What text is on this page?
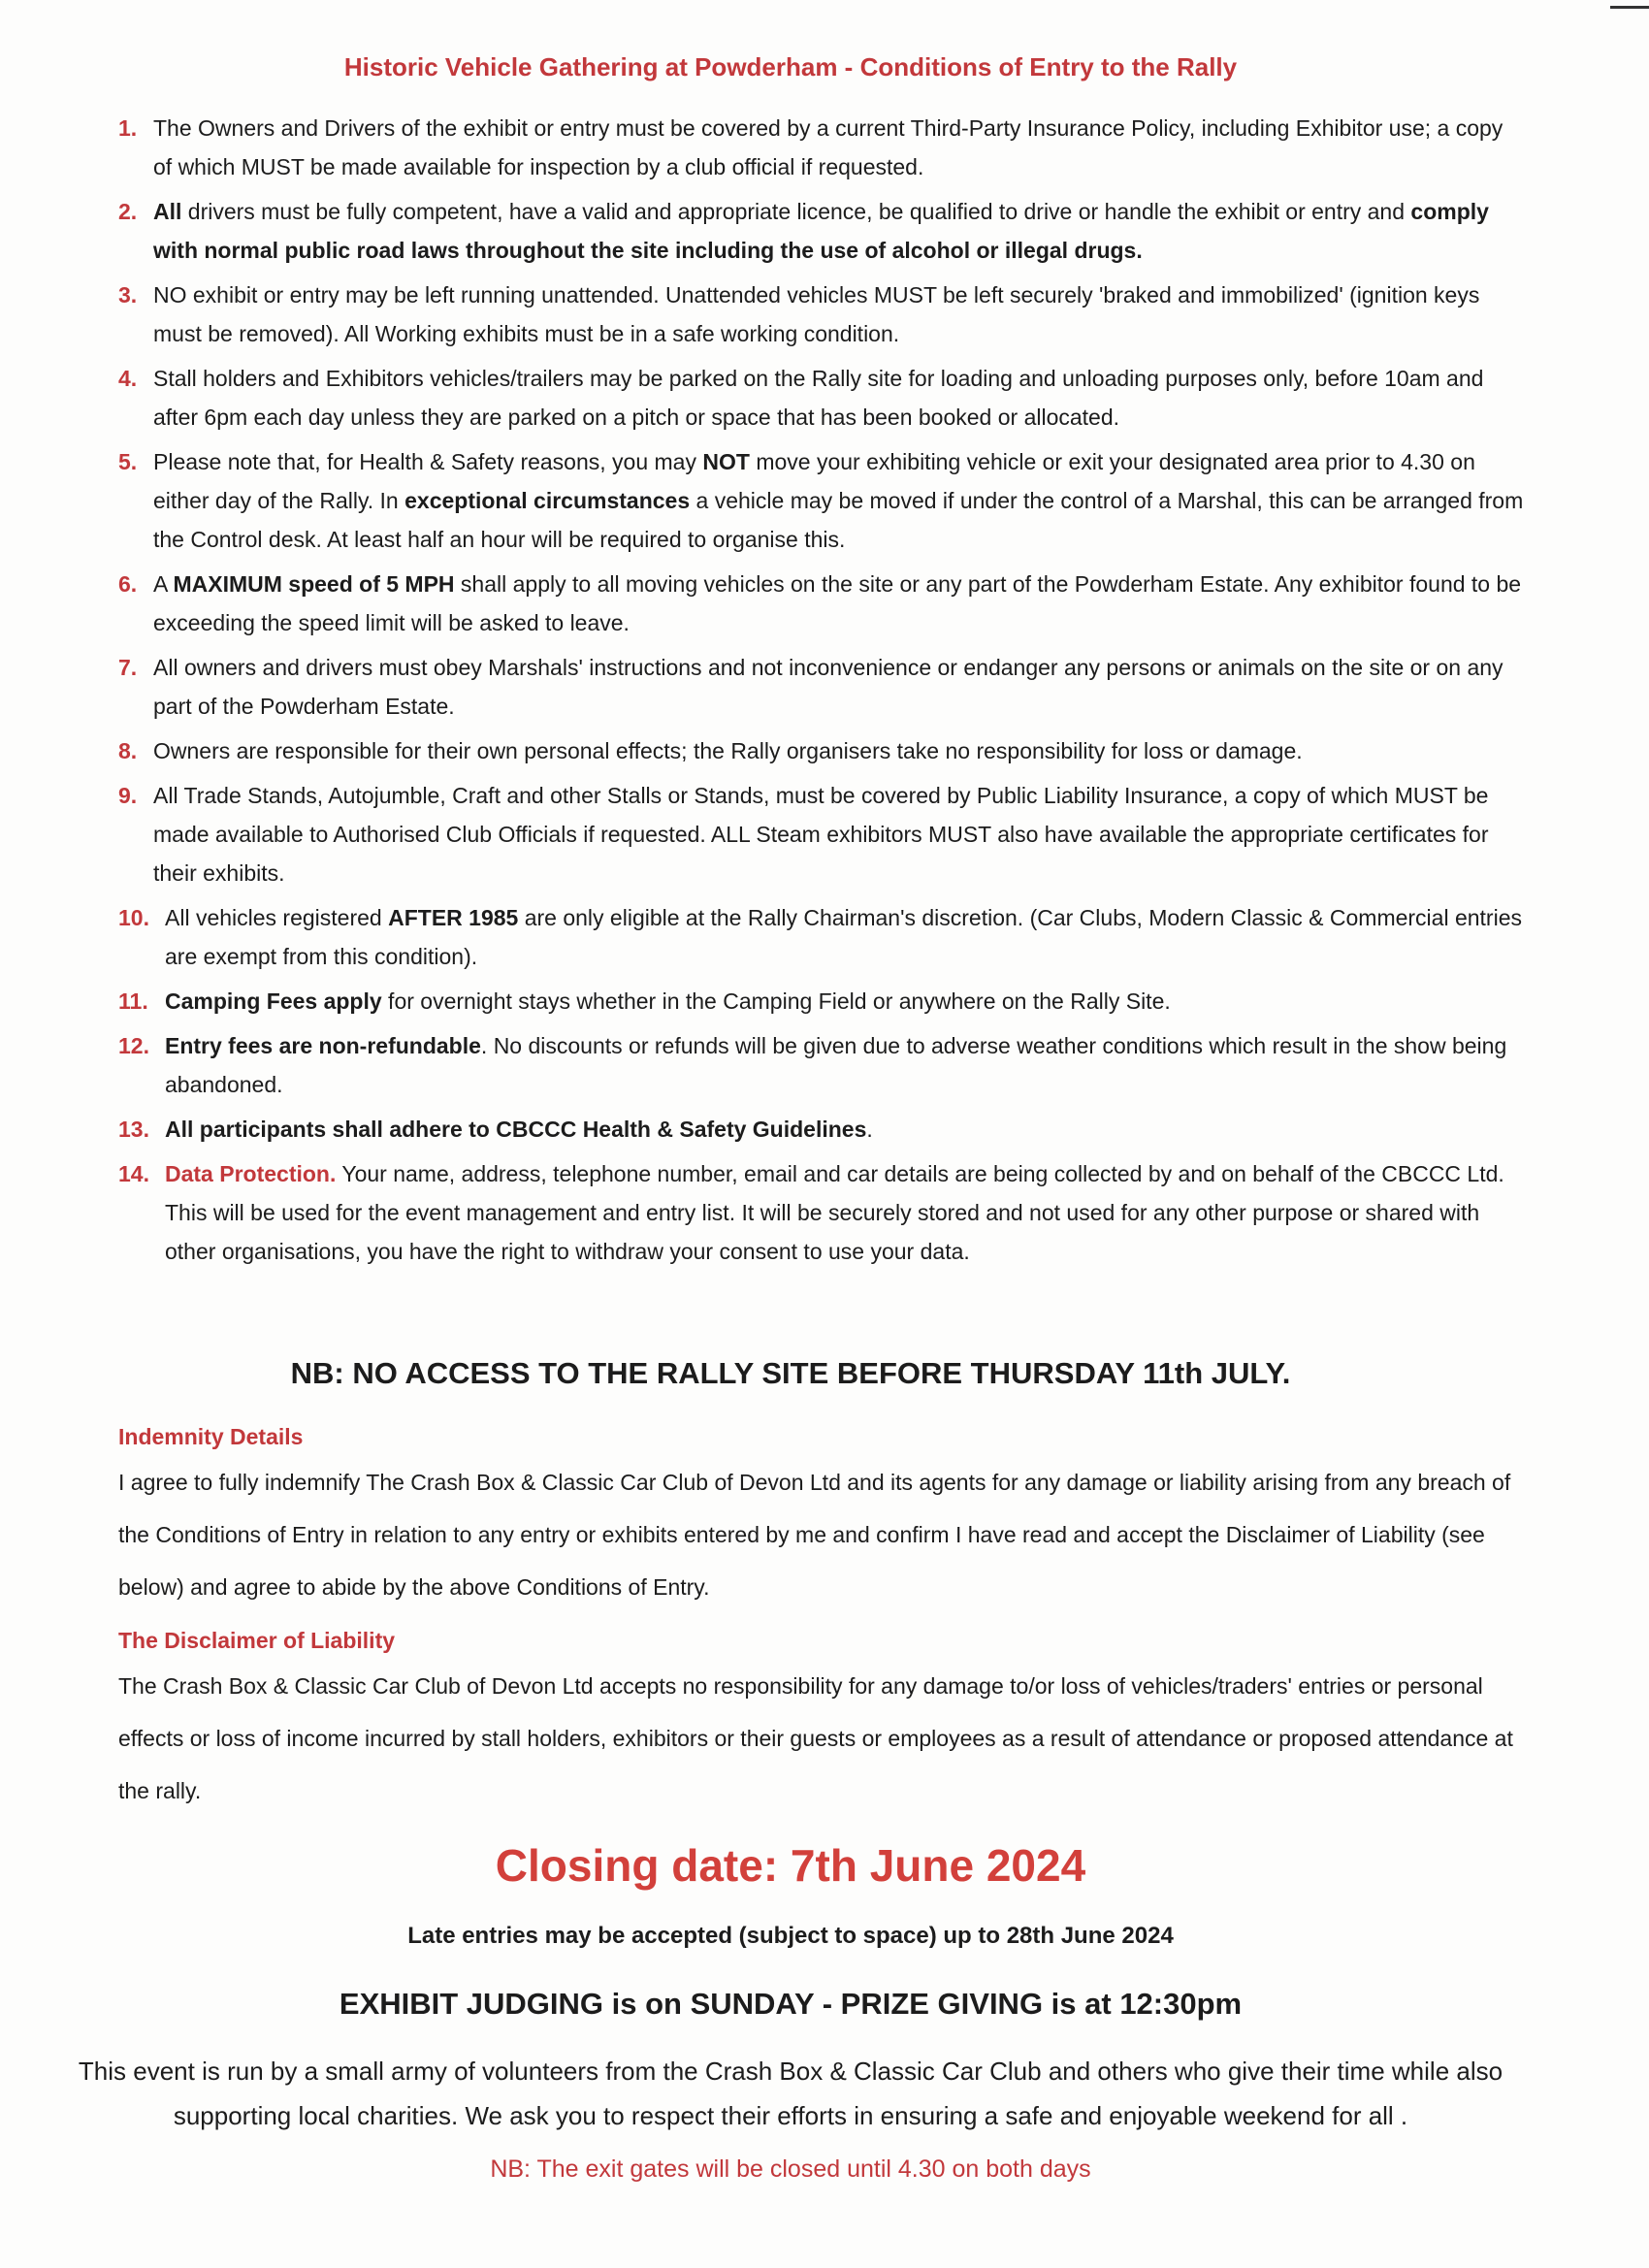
Historic Vehicle Gathering at Powderham - Conditions of Entry to the Rally
1. The Owners and Drivers of the exhibit or entry must be covered by a current Third-Party Insurance Policy, including Exhibitor use; a copy of which MUST be made available for inspection by a club official if requested.
2. All drivers must be fully competent, have a valid and appropriate licence, be qualified to drive or handle the exhibit or entry and comply with normal public road laws throughout the site including the use of alcohol or illegal drugs.
3. NO exhibit or entry may be left running unattended. Unattended vehicles MUST be left securely 'braked and immobilized' (ignition keys must be removed). All Working exhibits must be in a safe working condition.
4. Stall holders and Exhibitors vehicles/trailers may be parked on the Rally site for loading and unloading purposes only, before 10am and after 6pm each day unless they are parked on a pitch or space that has been booked or allocated.
5. Please note that, for Health & Safety reasons, you may NOT move your exhibiting vehicle or exit your designated area prior to 4.30 on either day of the Rally. In exceptional circumstances a vehicle may be moved if under the control of a Marshal, this can be arranged from the Control desk. At least half an hour will be required to organise this.
6. A MAXIMUM speed of 5 MPH shall apply to all moving vehicles on the site or any part of the Powderham Estate. Any exhibitor found to be exceeding the speed limit will be asked to leave.
7. All owners and drivers must obey Marshals' instructions and not inconvenience or endanger any persons or animals on the site or on any part of the Powderham Estate.
8. Owners are responsible for their own personal effects; the Rally organisers take no responsibility for loss or damage.
9. All Trade Stands, Autojumble, Craft and other Stalls or Stands, must be covered by Public Liability Insurance, a copy of which MUST be made available to Authorised Club Officials if requested. ALL Steam exhibitors MUST also have available the appropriate certificates for their exhibits.
10. All vehicles registered AFTER 1985 are only eligible at the Rally Chairman's discretion. (Car Clubs, Modern Classic & Commercial entries are exempt from this condition).
11. Camping Fees apply for overnight stays whether in the Camping Field or anywhere on the Rally Site.
12. Entry fees are non-refundable. No discounts or refunds will be given due to adverse weather conditions which result in the show being abandoned.
13. All participants shall adhere to CBCCC Health & Safety Guidelines.
14. Data Protection. Your name, address, telephone number, email and car details are being collected by and on behalf of the CBCCC Ltd. This will be used for the event management and entry list. It will be securely stored and not used for any other purpose or shared with other organisations, you have the right to withdraw your consent to use your data.
NB: NO ACCESS TO THE RALLY SITE BEFORE THURSDAY 11th JULY.
Indemnity Details
I agree to fully indemnify The Crash Box & Classic Car Club of Devon Ltd and its agents for any damage or liability arising from any breach of the Conditions of Entry in relation to any entry or exhibits entered by me and confirm I have read and accept the Disclaimer of Liability (see below) and agree to abide by the above Conditions of Entry.
The Disclaimer of Liability
The Crash Box & Classic Car Club of Devon Ltd accepts no responsibility for any damage to/or loss of vehicles/traders' entries or personal effects or loss of income incurred by stall holders, exhibitors or their guests or employees as a result of attendance or proposed attendance at the rally.
Closing date: 7th June 2024
Late entries may be accepted (subject to space) up to 28th June 2024
EXHIBIT JUDGING is on SUNDAY - PRIZE GIVING is at 12:30pm
This event is run by a small army of volunteers from the Crash Box & Classic Car Club and others who give their time while also supporting local charities. We ask you to respect their efforts in ensuring a safe and enjoyable weekend for all .
NB: The exit gates will be closed until 4.30 on both days
